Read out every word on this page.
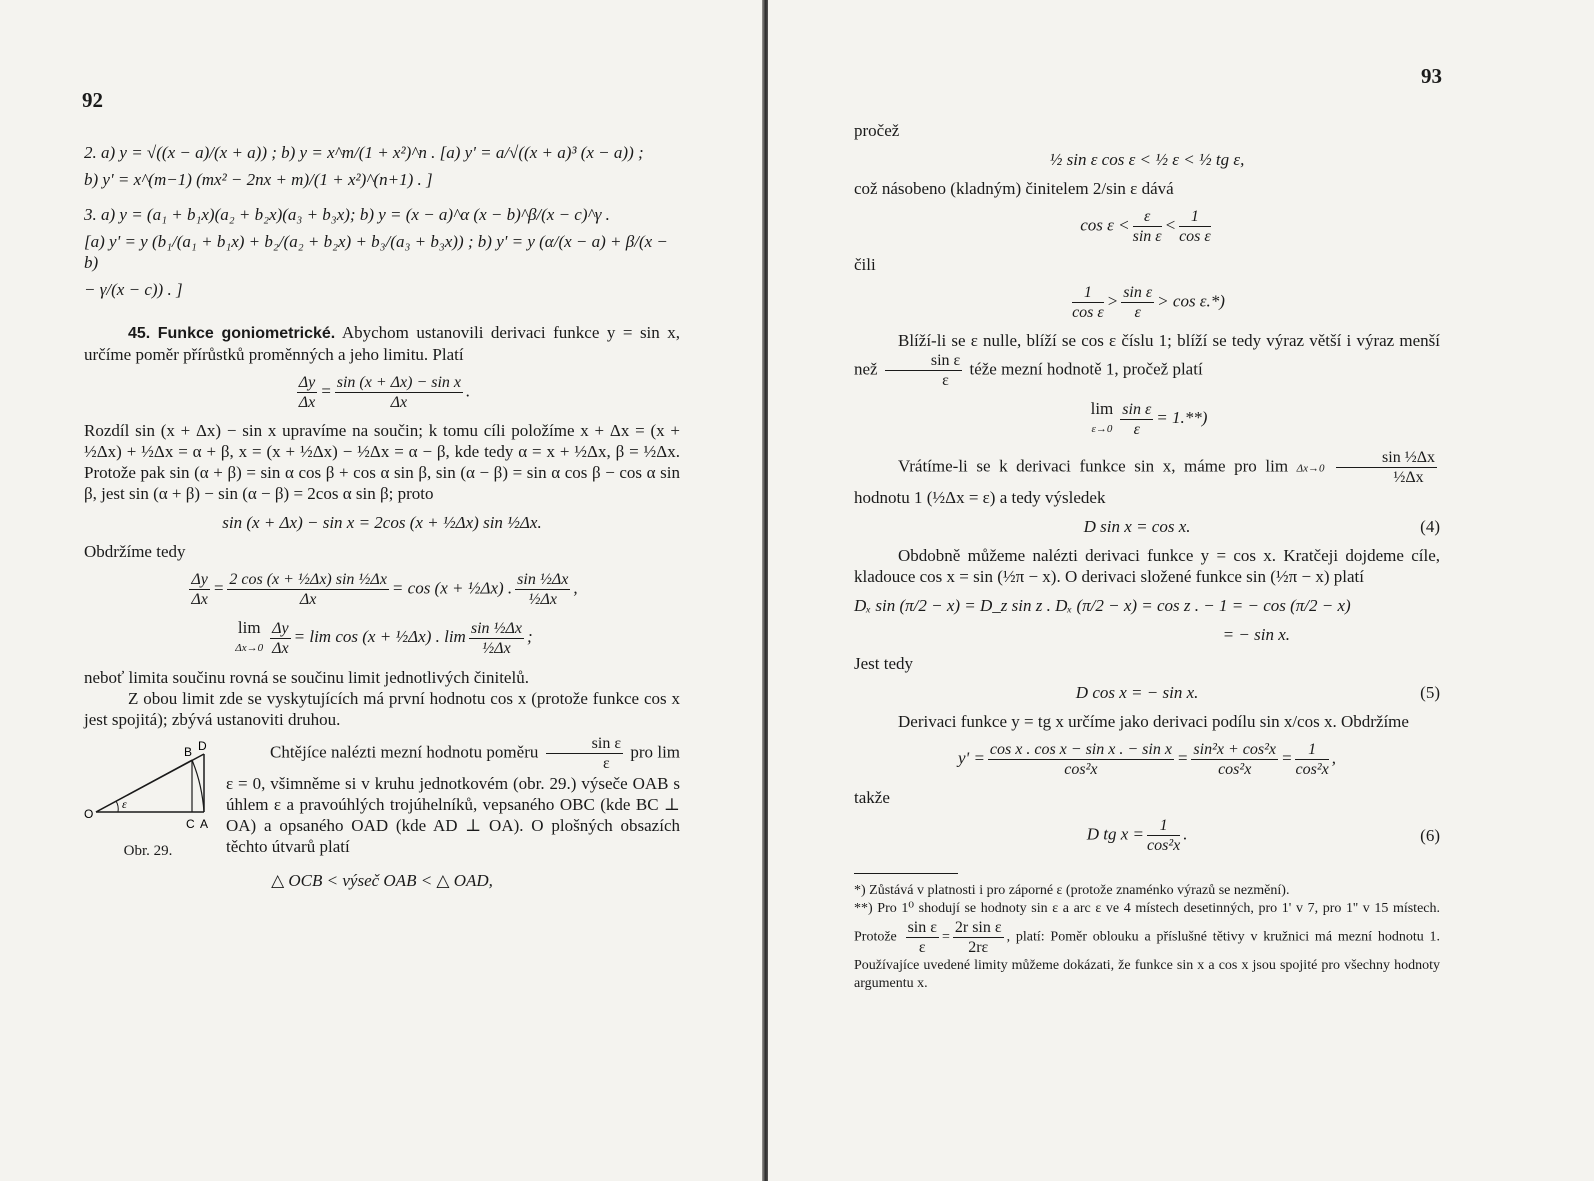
92
2. a) y = √((x − a)/(x + a)) ; b) y = x^m/(1 + x²)^n . [a) y' = a/√((x + a)³ (x − a)) ;
b) y' = x^(m−1) (mx² − 2nx + m)/(1 + x²)^(n+1) . ]
3. a) y = (a₁ + b₁x)(a₂ + b₂x)(a₃ + b₃x); b) y = (x − a)^α (x − b)^β/(x − c)^γ .
[a) y' = y (b₁/(a₁ + b₁x) + b₂/(a₂ + b₂x) + b₃/(a₃ + b₃x)) ; b) y' = y (α/(x − a) + β/(x − b)
− γ/(x − c)) . ]

45. Funkce goniometrické. Abychom ustanovili derivaci funkce y = sin x, určíme poměr přírůstků proměnných a jeho limitu. Platí

$\frac{\Delta y}{\Delta x} = \frac{\text{sin (x + Δx) − sin x}}{\Delta x}$ .

Rozdíl sin (x + Δx) − sin x upravíme na součin; k tomu cíli položíme x + Δx = (x + ½Δx) + ½Δx = α + β, x = (x + ½Δx) − ½Δx = α − β, kde tedy α = x + ½Δx, β = ½Δx. Protože pak sin (α + β) = sin α cos β + cos α sin β, sin (α − β) = sin α cos β − cos α sin β, jest sin (α + β) − sin (α − β) = 2cos α sin β; proto

sin (x + Δx) − sin x = 2cos (x + ½Δx) sin ½Δx.

Obdržíme tedy

$\frac{\Delta y}{\Delta x} = \frac{\text{2 cos (x + ½Δx) sin ½Δx}}{\Delta x} = \cos (x$ + ½Δx) . $\frac{\text{sin ½Δx}}{\text{½Δx}}$ ,
lim
$\Delta x\to 0 \frac{\Delta y}{\Delta x} = \lim \cos (x$ + ½Δx) . $\lim \frac{\text{sin ½Δx}}{\text{½Δx}}$ ;

neboť limita součinu rovná se součinu limit jednotlivých činitelů.

Z obou limit zde se vyskytujících má první hodnotu cos x (protože funkce cos x jest spojitá); zbývá ustanoviti druhou.

B D
O
C A
ε
Obr. 29.

Chtějíce nalézti mezní hodnotu poměru $\frac{\text{sin ε}}{\varepsilon}$ pro lim ε = 0, všimněme si v kruhu jednotkovém (obr. 29.) výseče OAB s úhlem ε a pravoúhlých trojúhelníků, vepsaného OBC (kde BC ⊥ OA) a opsaného OAD (kde AD ⊥ OA). O plošných obsazích těchto útvarů platí

△ OCB < výseč OAB < △ OAD,
93

pročež

½ sin ε cos ε < ½ ε < ½ tg ε,

což násobeno (kladným) činitelem 2/sin ε dává

$\cos \varepsilon < \frac{\varepsilon}{\text{sin ε}} < \frac{1}{\text{cos ε}}$

čili

$\frac{1}{\text{cos ε}} > \frac{\text{sin ε}}{\varepsilon} > \cos \varepsilon.*$)

Blíží-li se ε nulle, blíží se cos ε číslu 1; blíží se tedy výraz větší i výraz menší než $\frac{\text{sin ε}}{\varepsilon}$ téže mezní hodnotě 1, pročež platí

lim
$\varepsilon\to 0 \frac{\text{sin ε}}{\varepsilon} = 1.**$)

Vrátíme-li se k derivaci funkce sin x, máme pro $\lim \Delta x\to 0 \frac{\text{sin ½Δx}}{\text{½Δx}}$
hodnotu 1 (½Δx = ε) a tedy výsledek

D sin x = cos x.	(4)

Obdobně můžeme nalézti derivaci funkce y = cos x. Kratčeji dojdeme cíle, kladouce cos x = sin (½π − x). O derivaci složené funkce sin (½π − x) platí

Dₓ sin (π/2 − x) = D_z sin z . Dₓ (π/2 − x) = cos z . − 1 = − cos (π/2 − x)
= − sin x.

Jest tedy

D cos x = − sin x.	(5)

Derivaci funkce y = tg x určíme jako derivaci podílu sin x/cos x. Obdržíme

$y' = \frac{\text{cos x . cos x − sin x . − sin x}}{\text{cos²x}} = \frac{\text{sin²x + cos²x}}{\text{cos²x}} = \frac{1}{\text{cos²x}}$ ,

takže

D tg $x = \frac{1}{\text{cos²x}}$ .	(6)
*) Zůstává v platnosti i pro záporné ε (protože znaménko výrazů se nezmění).
**) Pro 1⁰ shodují se hodnoty sin ε a arc ε ve 4 místech desetinných, pro 1' v 7, pro 1'' v 15 místech. Protože $\frac{\text{sin ε}}{\varepsilon} = \frac{\text{2r sin ε}}{2r\varepsilon}$ , platí: Poměr oblouku a příslušné tětivy v kružnici má mezní hodnotu 1. Používajíce uvedené limity můžeme dokázati, že funkce sin x a cos x jsou spojité pro všechny hodnoty argumentu x.
